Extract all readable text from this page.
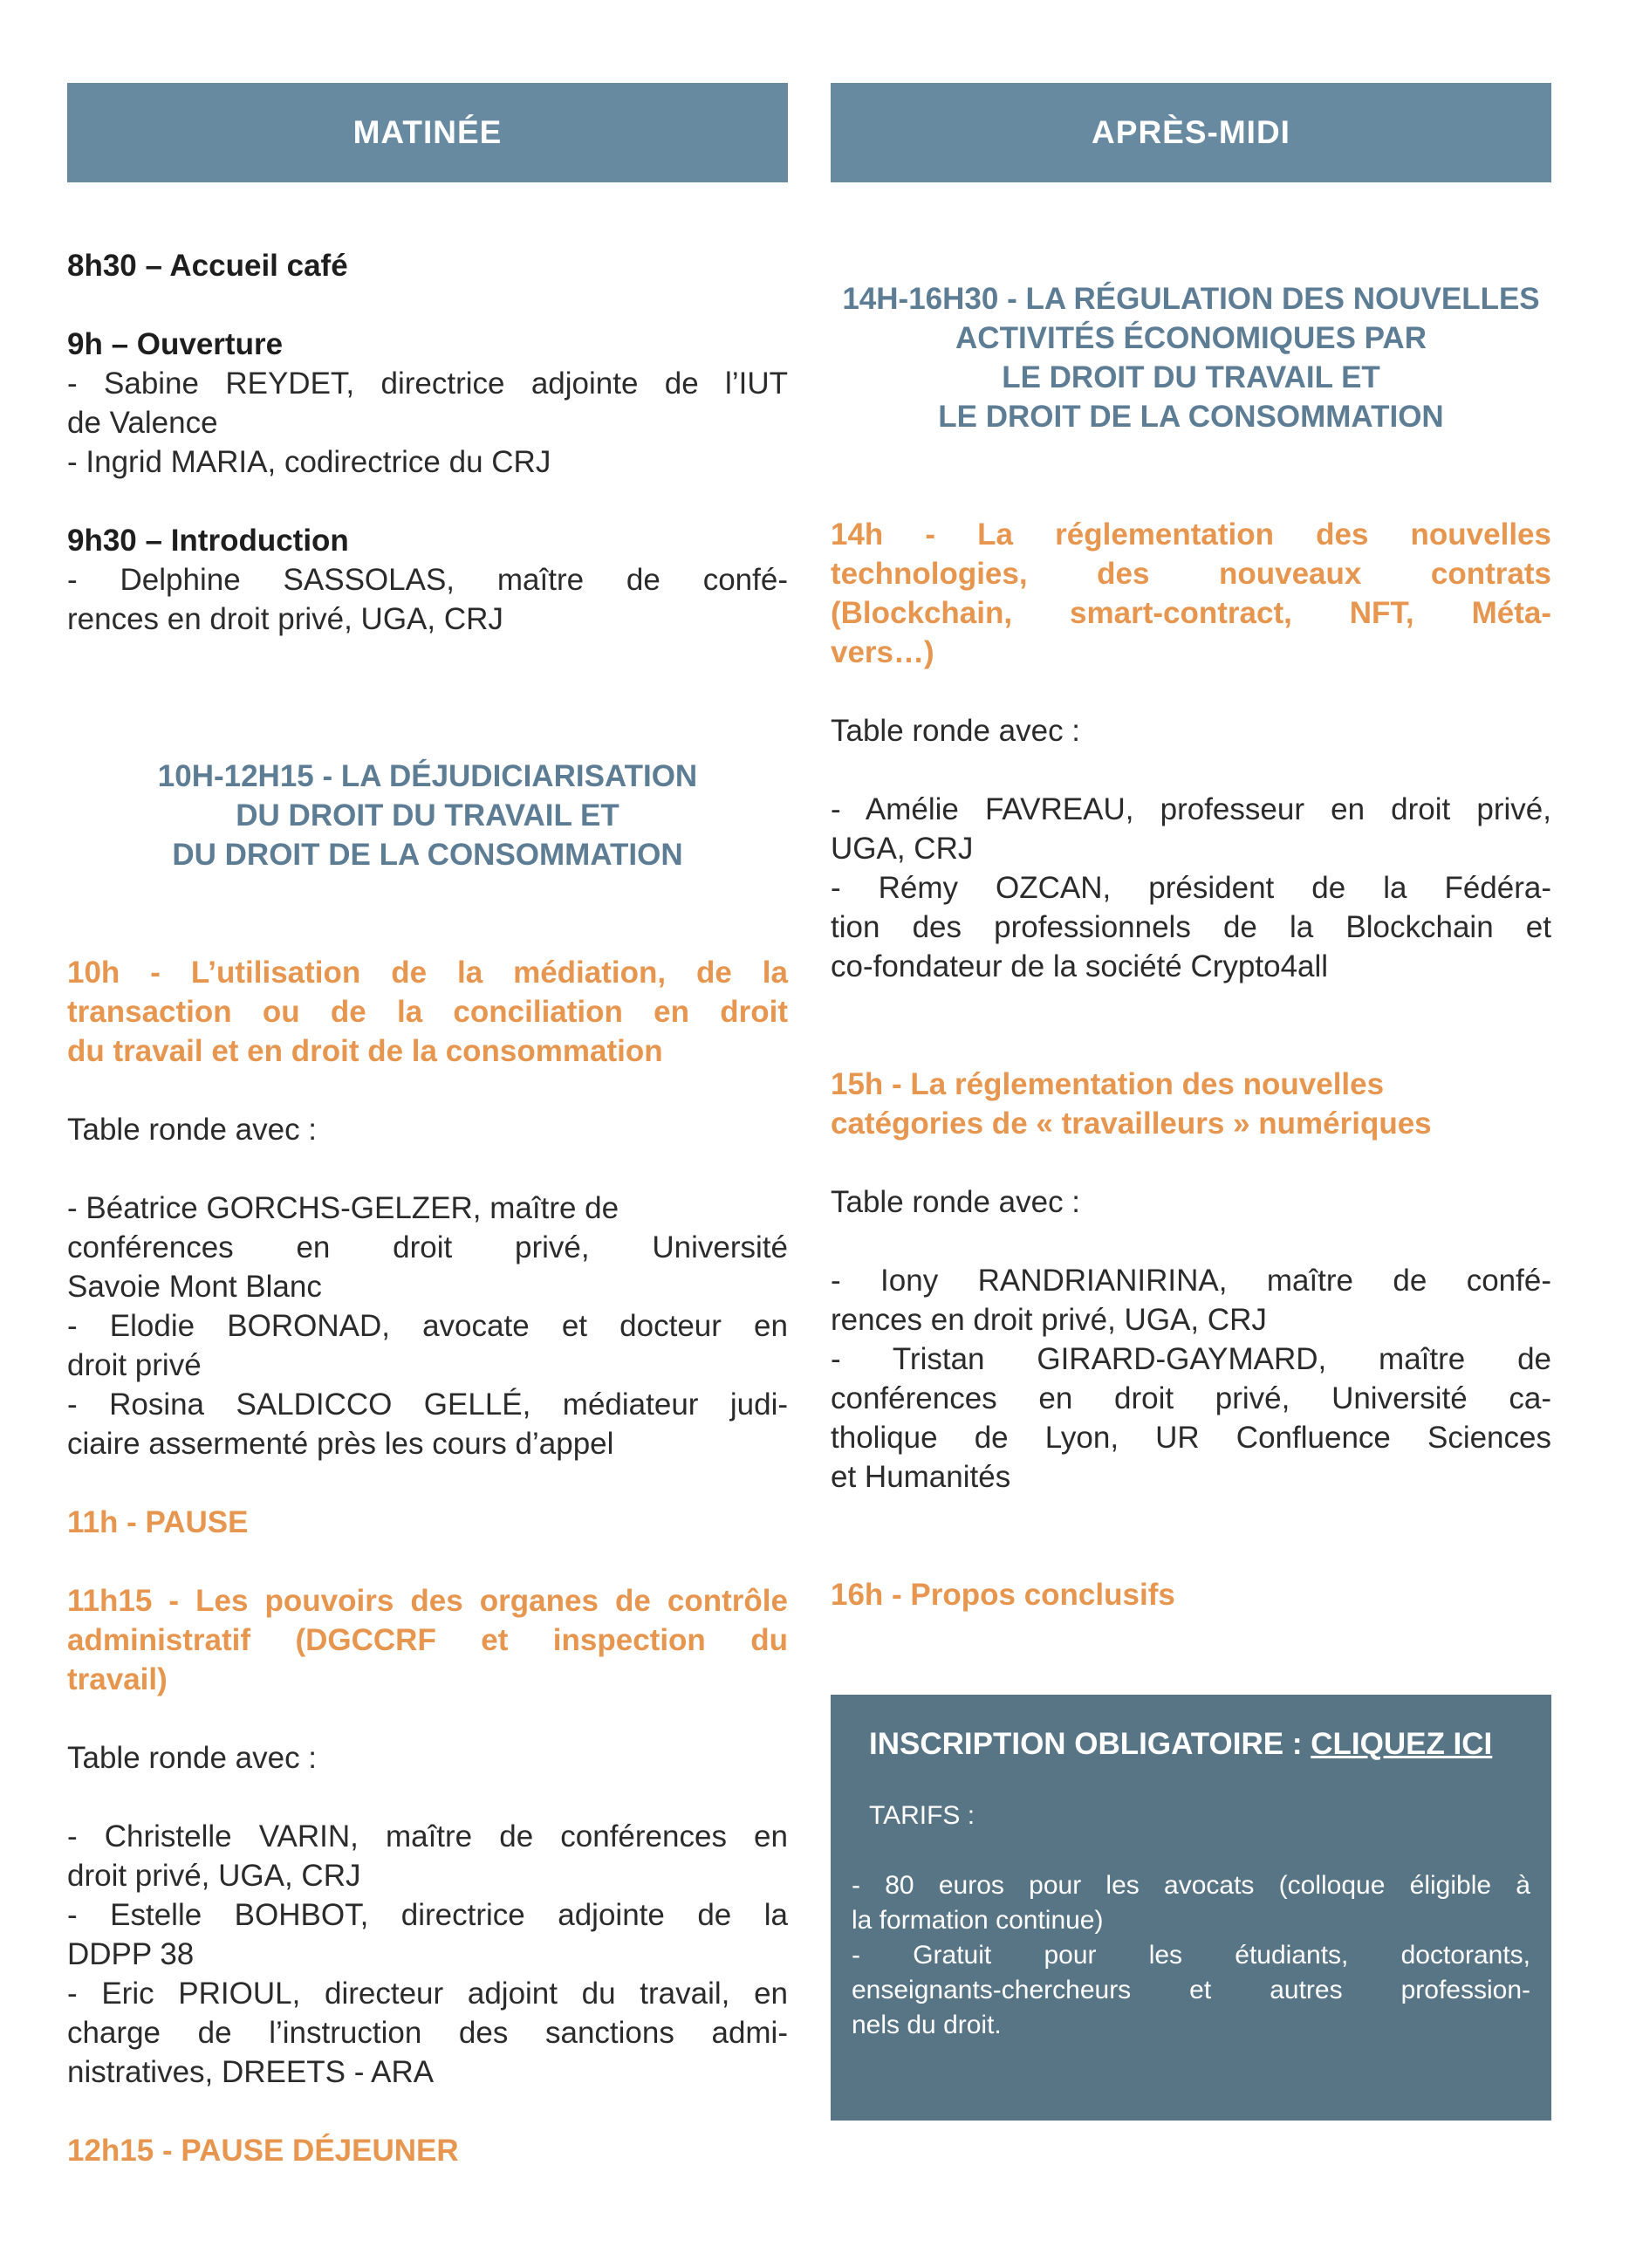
MATINÉE
8h30 – Accueil café
9h – Ouverture
- Sabine REYDET, directrice adjointe de l’IUT
de Valence
- Ingrid MARIA, codirectrice du CRJ
9h30 – Introduction
- Delphine SASSOLAS, maître de confé-
rences en droit privé, UGA, CRJ
10H-12H15 - LA DÉJUDICIARISATION
DU DROIT DU TRAVAIL ET
DU DROIT DE LA CONSOMMATION
10h - L’utilisation de la médiation, de la
transaction ou de la conciliation en droit
du travail et en droit de la consommation
Table ronde avec :
- Béatrice GORCHS-GELZER, maître de
conférences en droit privé, Université
Savoie Mont Blanc
- Elodie BORONAD, avocate et docteur en
droit privé
- Rosina SALDICCO GELLÉ, médiateur judi-
ciaire assermenté près les cours d’appel
11h - PAUSE
11h15 - Les pouvoirs des organes de contrôle
administratif (DGCCRF et inspection du
travail)
Table ronde avec :
- Christelle VARIN, maître de conférences en
droit privé, UGA, CRJ
- Estelle BOHBOT, directrice adjointe de la
DDPP 38
- Eric PRIOUL, directeur adjoint du travail, en
charge de l’instruction des sanctions admi-
nistratives, DREETS - ARA
12h15 - PAUSE DÉJEUNER
APRÈS-MIDI
14H-16H30 - LA RÉGULATION DES NOUVELLES
ACTIVITÉS ÉCONOMIQUES PAR
LE DROIT DU TRAVAIL ET
LE DROIT DE LA CONSOMMATION
14h - La réglementation des nouvelles
technologies, des nouveaux contrats
(Blockchain, smart-contract, NFT, Méta-
vers…)
Table ronde avec :
- Amélie FAVREAU, professeur en droit privé,
UGA, CRJ
- Rémy OZCAN, président de la Fédéra-
tion des professionnels de la Blockchain et
co-fondateur de la société Crypto4all
15h - La réglementation des nouvelles
catégories de « travailleurs » numériques
Table ronde avec :
- Iony RANDRIANIRINA, maître de confé-
rences en droit privé, UGA, CRJ
- Tristan GIRARD-GAYMARD, maître de
conférences en droit privé, Université ca-
tholique de Lyon, UR Confluence Sciences
et Humanités
16h - Propos conclusifs
INSCRIPTION OBLIGATOIRE : CLIQUEZ ICI
TARIFS :
- 80 euros pour les avocats (colloque éligible à
la formation continue)
- Gratuit pour les étudiants, doctorants,
enseignants-chercheurs et autres profession-
nels du droit.
